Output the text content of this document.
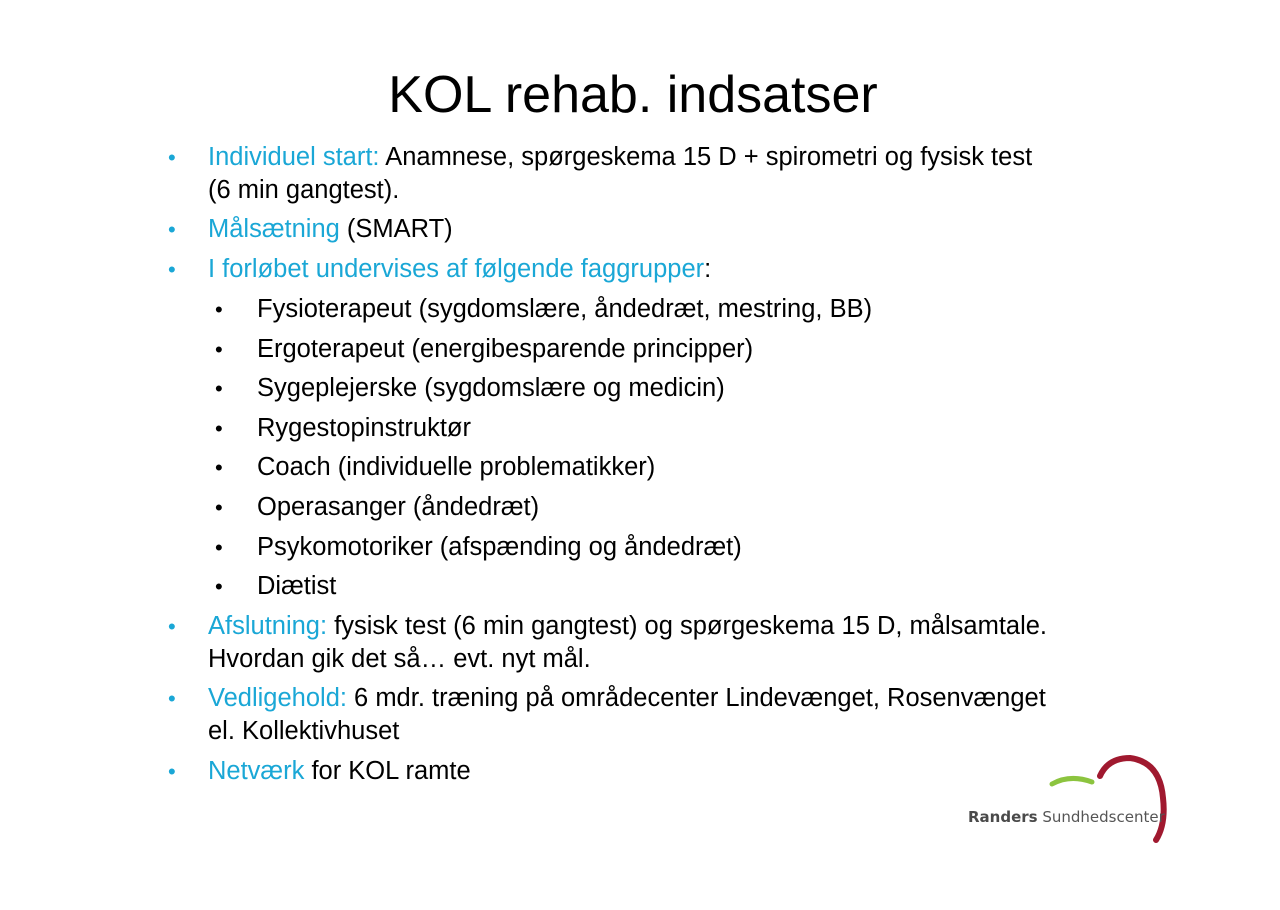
KOL rehab. indsatser
• Individuel start: Anamnese, spørgeskema 15 D + spirometri og fysisk test
(6 min gangtest).
• Målsætning (SMART)
• I forløbet undervises af følgende faggrupper:
• Fysioterapeut (sygdomslære, åndedræt, mestring, BB)
• Ergoterapeut (energibesparende principper)
• Sygeplejerske (sygdomslære og medicin)
• Rygestopinstruktør
• Coach (individuelle problematikker)
• Operasanger (åndedræt)
• Psykomotoriker (afspænding og åndedræt)
• Diætist
• Afslutning: fysisk test (6 min gangtest) og spørgeskema 15 D, målsamtale.
Hvordan gik det så… evt. nyt mål.
• Vedligehold: 6 mdr. træning på områdecenter Lindevænget, Rosenvænget
el. Kollektivhuset
• Netværk for KOL ramte
Randers Sundhedscenter
